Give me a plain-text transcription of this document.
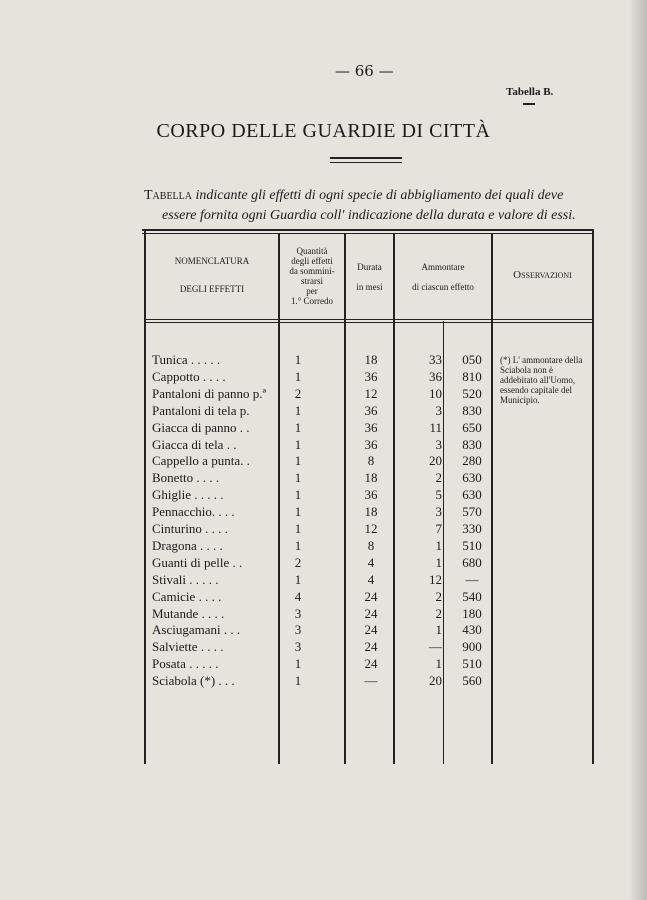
— 66 —
Tabella B.
CORPO DELLE GUARDIE DI CITTÀ
Tabella indicante gli effetti di ogni specie di abbigliamento dei quali deve
essere fornita ogni Guardia coll' indicazione della durata e valore di essi.
NOMENCLATURA
DEGLI EFFETTI
Quantità
degli effetti
da sommini-
strarsi
per
1.° Corredo
Durata
in mesi
Ammontare
di ciascun effetto
Osservazioni
Tunica . . . . .	1	18	33	050
Cappotto . . . .	1	36	36	810
Pantaloni di panno p.ª	2	12	10	520
Pantaloni di tela p.	1	36	3	830
Giacca di panno . .	1	36	11	650
Giacca di tela . .	1	36	3	830
Cappello a punta. .	1	8	20	280
Bonetto . . . .	1	18	2	630
Ghiglie . . . . .	1	36	5	630
Pennacchio. . . .	1	18	3	570
Cinturino . . . .	1	12	7	330
Dragona . . . .	1	8	1	510
Guanti di pelle . .	2	4	1	680
Stivali . . . . .	1	4	12	—
Camicie . . . .	4	24	2	540
Mutande . . . .	3	24	2	180
Asciugamani . . .	3	24	1	430
Salviette . . . .	3	24	—	900
Posata . . . . .	1	24	1	510
Sciabola (*) . . .	1	—	20	560
(*) L' ammontare della Sciabola non è addebitato all'Uomo, essendo capitale del Municipio.
